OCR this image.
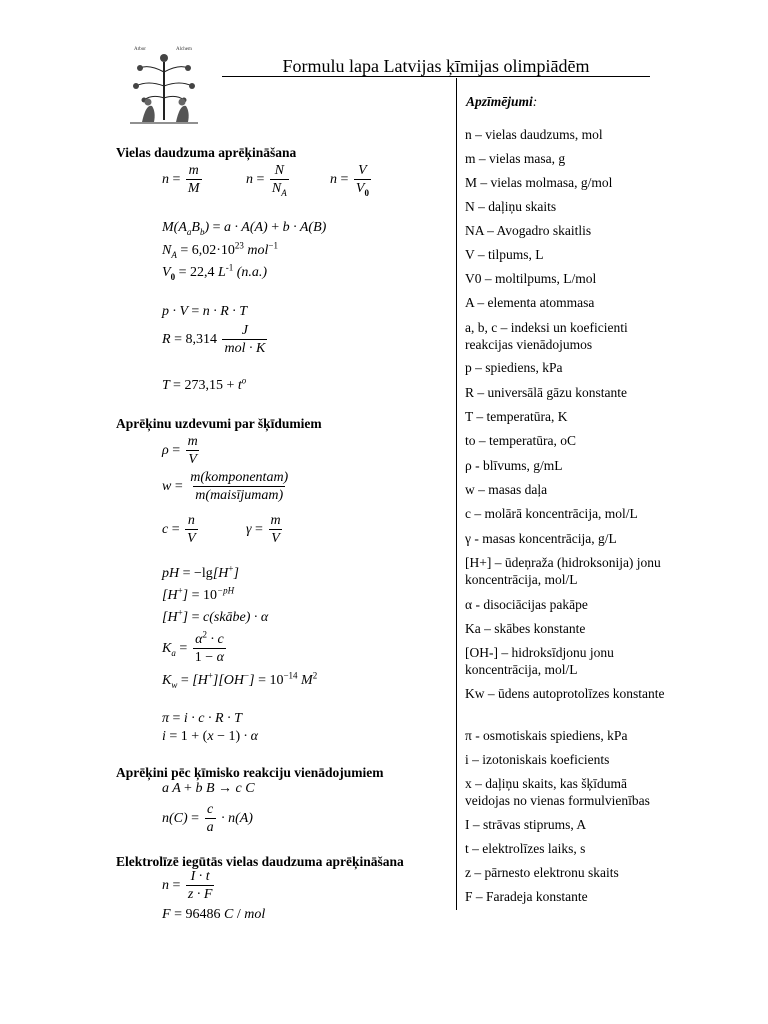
Arbor	Alchem
Formulu lapa Latvijas ķīmijas olimpiādēm
Vielas daudzuma aprēķināšana
$n = \frac{m}{M}$	$n = \frac{N}{N_A}$	$n = \frac{V}{V_0}$
$M(A_aB_b) = a \cdot A(A) + b \cdot A(B)$
$N_A = 6,02\cdot 10^{23}$ mol$^{-1}$
$V_0 = 22,4$ $L^{-1}$ (n.a.)
p · V = n · R · T
$R = 8,314 \frac{J}{\text{mol · K}}$
$T = 273,15 + t^o$
Aprēķinu uzdevumi par šķīdumiem
$\rho = \frac{m}{V}$
$w = \frac{\text{m(komponentam)}}{\text{m(maisījumam)}}$
$c = \frac{n}{V}$	$\gamma = \frac{m}{V}$
pH = −lg[H+]
$[H^+] = 10^{-pH}$
[H+] = c(skābe) · α
$K_a = \frac{\alpha^2 \cdot c}{1 - \alpha}$
$K_w = [H^+][OH^-] = 10^{-14}$ $M^2$
π = i · c · R · T
i = 1 + (x − 1) · α
Aprēķini pēc ķīmisko reakciju vienādojumiem
a A + b B → c C
$n(C) = \frac{c}{a} \cdot n(A)$
Elektrolīzē iegūtās vielas daudzuma aprēķināšana
$n = \frac{I \cdot t}{z \cdot F}$
F = 96486 C / mol
Apzīmējumi:
n – vielas daudzums, mol
m – vielas masa, g
M – vielas molmasa, g/mol
N – daļiņu skaits
NA – Avogadro skaitlis
V – tilpums, L
V0 – moltilpums, L/mol
A – elementa atommasa
a, b, c – indeksi un koeficienti reakcijas vienādojumos
p – spiediens, kPa
R – universālā gāzu konstante
T – temperatūra, K
to – temperatūra, oC
ρ - blīvums, g/mL
w – masas daļa
c – molārā koncentrācija, mol/L
γ - masas koncentrācija, g/L
[H+] – ūdeņraža (hidroksonija) jonu koncentrācija, mol/L
α - disociācijas pakāpe
Ka – skābes konstante
[OH-] – hidroksīdjonu jonu koncentrācija, mol/L
Kw – ūdens autoprotolīzes konstante
π - osmotiskais spiediens, kPa
i – izotoniskais koeficients
x – daļiņu skaits, kas šķīdumā veidojas no vienas formulvienības
I – strāvas stiprums, A
t – elektrolīzes laiks, s
z – pārnesto elektronu skaits
F – Faradeja konstante
